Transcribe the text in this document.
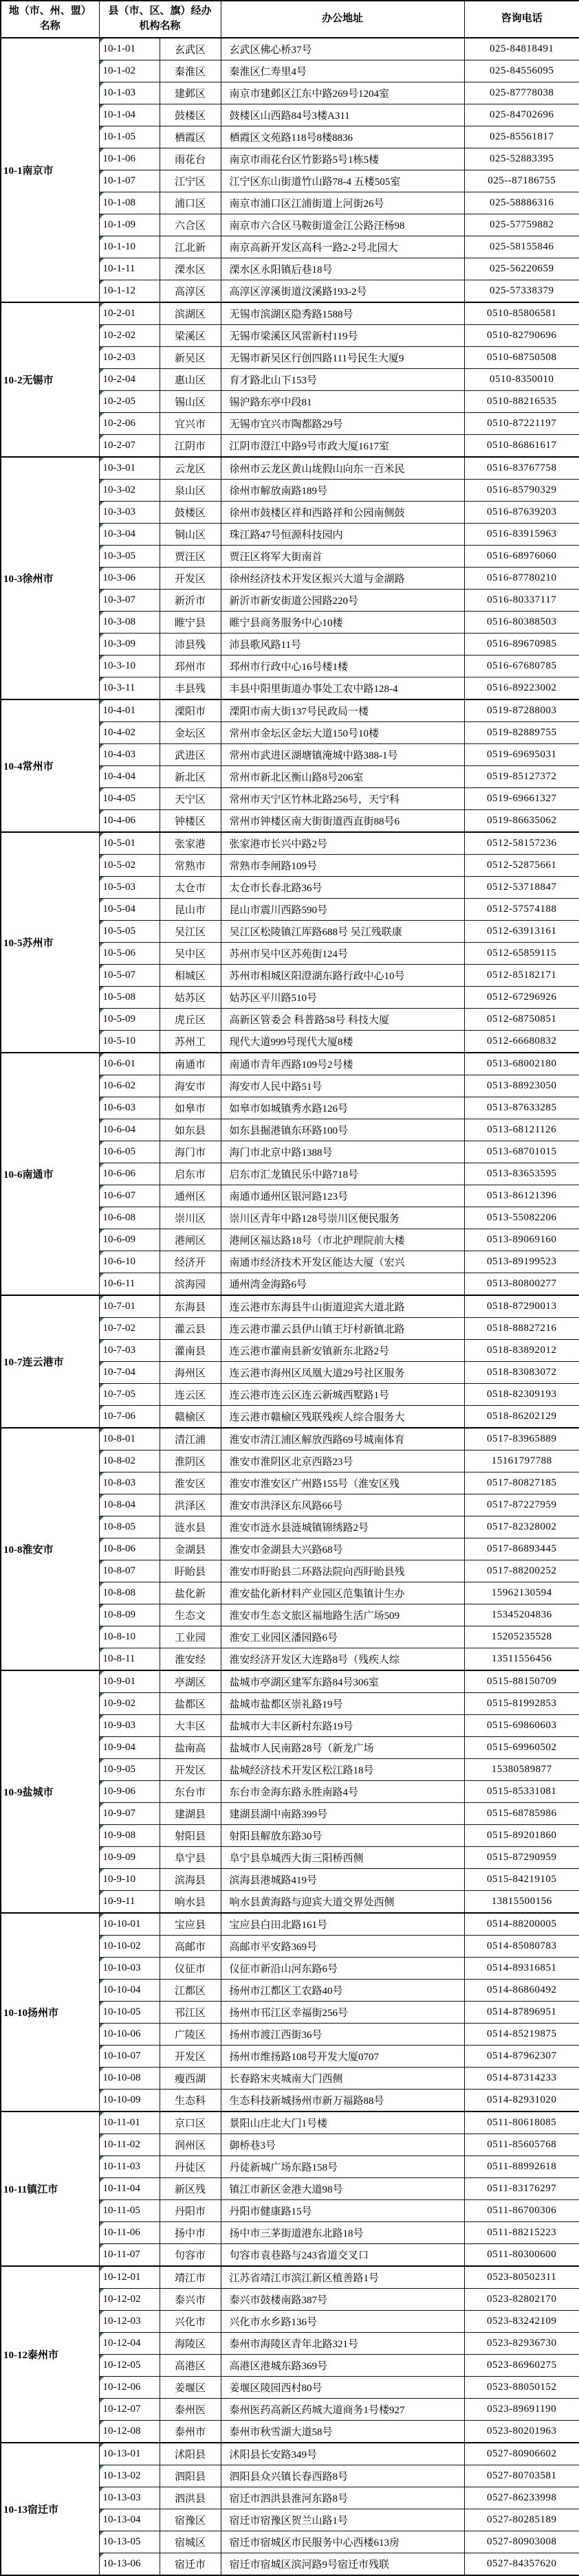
地（市、州、盟）名称	县（市、区、旗）经办机构名称		办公地址	咨询电话
10-1南京市	10-1-01	玄武区	玄武区佛心桥37号	025-84818491
	10-1-02	秦淮区	秦淮区仁寿里4号	025-84556095
	10-1-03	建邺区	南京市建邺区江东中路269号1204室	025-87778038
	10-1-04	鼓楼区	鼓楼区山西路84号3楼A311	025-84702696
	10-1-05	栖霞区	栖霞区文苑路118号8楼8836	025-85561817
	10-1-06	雨花台	南京市雨花台区竹影路5号1栋5楼	025-52883395
	10-1-07	江宁区	江宁区东山街道竹山路78-4 五楼505室	025--87186755
	10-1-08	浦口区	南京市浦口区江浦街道上河街26号	025-58886316
	10-1-09	六合区	南京市六合区马鞍街道金江公路汪杨98	025-57759882
	10-1-10	江北新	南京高新开发区高科一路2-2号北园大	025-58155846
	10-1-11	溧水区	溧水区永阳镇后巷18号	025-56220659
	10-1-12	高淳区	高淳区淳溪街道汶溪路193-2号	025-57338379
10-2无锡市	10-2-01	滨湖区	无锡市滨湖区隐秀路1588号	0510-85806581
	10-2-02	梁溪区	无锡市梁溪区风雷新村119号	0510-82790696
	10-2-03	新吴区	无锡市新吴区行创四路111号民生大厦9	0510-68750508
	10-2-04	惠山区	育才路北山下153号	0510-8350010
	10-2-05	锡山区	锡沪路东亭中段81	0510-88216535
	10-2-06	宜兴市	无锡市宜兴市陶都路29号	0510-87221197
	10-2-07	江阴市	江阴市澄江中路9号市政大厦1617室	0510-86861617
10-3徐州市	10-3-01	云龙区	徐州市云龙区黄山垅假山向东一百米民	0516-83767758
	10-3-02	泉山区	徐州市解放南路189号	0516-85790329
	10-3-03	鼓楼区	徐州市鼓楼区祥和西路祥和公园南侧鼓	0516-87639203
	10-3-04	铜山区	珠江路47号恒源科技园内	0516-83915963
	10-3-05	贾汪区	贾汪区将军大街南首	0516-68976060
	10-3-06	开发区	徐州经济技术开发区振兴大道与金湖路	0516-87780210
	10-3-07	新沂市	新沂市新安街道公园路220号	0516-80337117
	10-3-08	睢宁县	睢宁县商务服务中心10楼	0516-80388503
	10-3-09	沛县残	沛县歌风路11号	0516-89670985
	10-3-10	邳州市	邳州市行政中心16号楼1楼	0516-67680785
	10-3-11	丰县残	丰县中阳里街道办事处工农中路128-4	0516-89223002
10-4常州市	10-4-01	溧阳市	溧阳市南大街137号民政局一楼	0519-87288003
	10-4-02	金坛区	常州市金坛区金坛大道150号10楼	0519-82889755
	10-4-03	武进区	常州市武进区湖塘镇淹城中路388-1号	0519-69695031
	10-4-04	新北区	常州市新北区衡山路8号206室	0519-85127372
	10-4-05	天宁区	常州市天宁区竹林北路256号，天宁科	0519-69661327
	10-4-06	钟楼区	常州市钟楼区南大街街道西直街88号6	0519-86635062
10-5苏州市	10-5-01	张家港	张家港市长兴中路2号	0512-58157236
	10-5-02	常熟市	常熟市李闸路109号	0512-52875661
	10-5-03	太仓市	太仓市长春北路36号	0512-53718847
	10-5-04	昆山市	昆山市震川西路590号	0512-57574188
	10-5-05	吴江区	吴江区松陵镇江厍路688号 吴江残联康	0512-63913161
	10-5-06	吴中区	苏州市吴中区苏苑街124号	0512-65859115
	10-5-07	相城区	苏州市相城区阳澄湖东路行政中心10号	0512-85182171
	10-5-08	姑苏区	姑苏区平川路510号	0512-67296926
	10-5-09	虎丘区	高新区管委会 科普路58号 科技大厦	0512-68750851
	10-5-10	苏州工	现代大道999号现代大厦8楼	0512-66680832
10-6南通市	10-6-01	南通市	南通市青年西路109号2号楼	0513-68002180
	10-6-02	海安市	海安市人民中路51号	0513-88923050
	10-6-03	如皋市	如皋市如城镇秀水路126号	0513-87633285
	10-6-04	如东县	如东县掘港镇东环路100号	0513-68121126
	10-6-05	海门市	海门市北京中路1388号	0513-68701015
	10-6-06	启东市	启东市汇龙镇民乐中路718号	0513-83653595
	10-6-07	通州区	南通市通州区银河路123号	0513-86121396
	10-6-08	崇川区	崇川区青年中路128号崇川区便民服务	0513-55082206
	10-6-09	港闸区	港闸区福达路18号（市北护理院前大楼	0513-89069160
	10-6-10	经济开	南通市经济技术开发区能达大厦（宏兴	0513-89199523
	10-6-11	滨海园	通州湾金海路6号	0513-80800277
10-7连云港市	10-7-01	东海县	连云港市东海县牛山街道迎宾大道北路	0518-87290013
	10-7-02	灌云县	连云港市灌云县伊山镇王圩村新镇北路	0518-88827216
	10-7-03	灌南县	连云港市灌南县新安镇新东北路2号	0518-83892012
	10-7-04	海州区	连云港市海州区凤凰大道29号社区服务	0518-83083072
	10-7-05	连云区	连云港市连云区连云新城西墅路1号	0518-82309193
	10-7-06	赣榆区	连云港市赣榆区残联残疾人综合服务大	0518-86202129
10-8淮安市	10-8-01	清江浦	淮安市清江浦区解放西路69号城南体育	0517-83965889
	10-8-02	淮阴区	淮安市淮阴区北京西路23号	15161797788
	10-8-03	淮安区	淮安市淮安区广州路155号（淮安区残	0517-80827185
	10-8-04	洪泽区	淮安市洪泽区东风路66号	0517-87227959
	10-8-05	涟水县	淮安市涟水县涟城镇锦绣路2号	0517-82328002
	10-8-06	金湖县	淮安市金湖县大兴路68号	0517-86893445
	10-8-07	盱眙县	淮安市盱眙县二环路法院向西盱眙县残	0517-88200252
	10-8-08	盐化新	淮安盐化新材料产业园区范集镇计生办	15962130594
	10-8-09	生态文	淮安市生态文旅区福地路生活广场509	15345204836
	10-8-10	工业园	淮安工业园区潘园路6号	15205235528
	10-8-11	淮安经	淮安经济开发区大连路8号（残疾人综	13511556456
10-9盐城市	10-9-01	亭湖区	盐城市亭湖区建军东路84号306室	0515-88150709
	10-9-02	盐都区	盐城市盐都区崇礼路19号	0515-81992853
	10-9-03	大丰区	盐城市大丰区新村东路19号	0515-69860603
	10-9-04	盐南高	盐城市人民南路28号（新龙广场	0515-69960502
	10-9-05	开发区	盐城经济技术开发区松江路18号	15380589877
	10-9-06	东台市	东台市金海东路永胜南路4号	0515-85331081
	10-9-07	建湖县	建湖县湖中南路399号	0515-68785986
	10-9-08	射阳县	射阳县解放东路30号	0515-89201860
	10-9-09	阜宁县	阜宁县阜城西大街三阳桥西侧	0515-87290959
	10-9-10	滨海县	滨海县港城路419号	0515-84219105
	10-9-11	响水县	响水县黄海路与迎宾大道交界处西侧	13815500156
10-10扬州市	10-10-01	宝应县	宝应县白田北路161号	0514-88200005
	10-10-02	高邮市	高邮市平安路369号	0514-85080783
	10-10-03	仪征市	仪征市新沿山河东路6号	0514-89316851
	10-10-04	江都区	扬州市江都区工农路40号	0514-86860492
	10-10-05	邗江区	扬州市邗江区幸福街256号	0514-87896951
	10-10-06	广陵区	扬州市渡江西街36号	0514-85219875
	10-10-07	开发区	扬州市维扬路108号开发大厦0707	0514-87962307
	10-10-08	瘦西湖	长春路宋夹城南大门西侧	0514-87314233
	10-10-09	生态科	生态科技新城扬州市新万福路88号	0514-82931020
10-11镇江市	10-11-01	京口区	景阳山庄北大门1号楼	0511-80618085
	10-11-02	润州区	御桥巷3号	0511-85605768
	10-11-03	丹徒区	丹徒新城广场东路158号	0511-88992618
	10-11-04	新区残	镇江市新区金港大道98号	0511-83176297
	10-11-05	丹阳市	丹阳市健康路15号	0511-86700306
	10-11-06	扬中市	扬中市三茅街道港东北路18号	0511-88215223
	10-11-07	句容市	句容市袁巷路与243省道交叉口	0511-80300600
10-12泰州市	10-12-01	靖江市	江苏省靖江市滨江新区植善路1号	0523-80502311
	10-12-02	泰兴市	泰兴市鼓楼南路387号	0523-82802170
	10-12-03	兴化市	兴化市水乡路136号	0523-83242109
	10-12-04	海陵区	泰州市海陵区青年北路321号	0523-82936730
	10-12-05	高港区	高港区港城东路369号	0523-86960275
	10-12-06	姜堰区	姜堰区陵园西村80号	0523-88050152
	10-12-07	泰州医	泰州医药高新区药城大道商务1号楼927	0523-89691190
	10-12-08	泰州市	泰州市秋雪湖大道58号	0523-80201963
10-13宿迁市	10-13-01	沭阳县	沭阳县长安路349号	0527-80906602
	10-13-02	泗阳县	泗阳县众兴镇长春西路8号	0527-80703581
	10-13-03	泗洪县	宿迁市泗洪县淮河东路8号	0527-86233998
	10-13-04	宿豫区	宿迁市宿豫区贺兰山路1号	0527-80285189
	10-13-05	宿城区	宿迁市宿城区市民服务中心西楼613房	0527-80903008
	10-13-06	宿迁市	宿迁市宿城区滨河路9号宿迁市残联	0527-84357620
